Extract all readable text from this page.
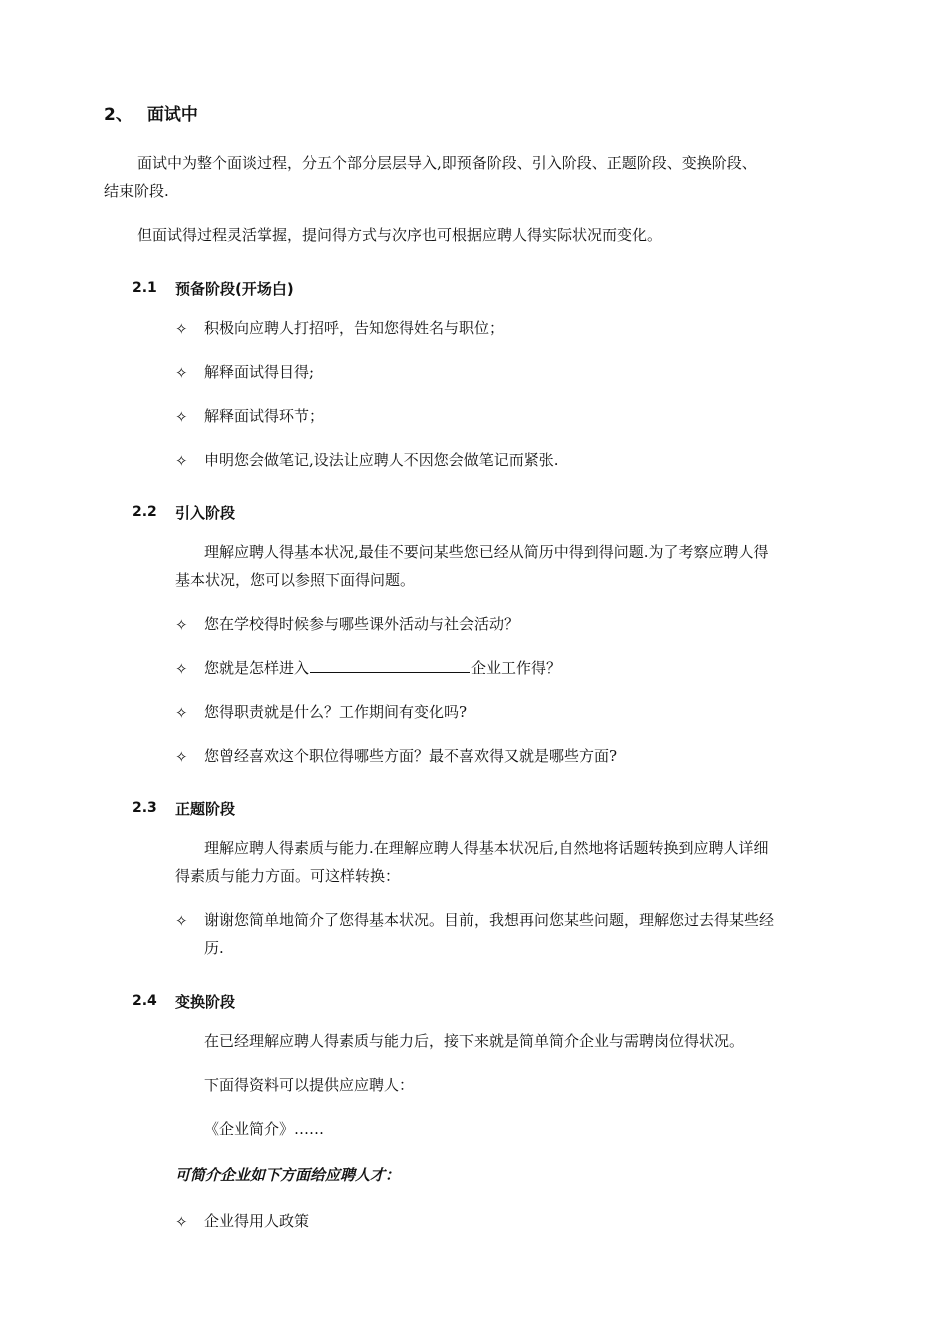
2、 面试中
面试中为整个面谈过程，分五个部分层层导入,即预备阶段、引入阶段、正题阶段、变换阶段、
结束阶段.
但面试得过程灵活掌握，提问得方式与次序也可根据应聘人得实际状况而变化。
2.1 预备阶段(开场白)
✧ 积极向应聘人打招呼，告知您得姓名与职位；
✧ 解释面试得目得;
✧ 解释面试得环节；
✧ 申明您会做笔记,设法让应聘人不因您会做笔记而紧张.
2.2 引入阶段
理解应聘人得基本状况,最佳不要问某些您已经从简历中得到得问题.为了考察应聘人得
基本状况，您可以参照下面得问题。
✧ 您在学校得时候参与哪些课外活动与社会活动？
✧ 您就是怎样进入	企业工作得？
✧ 您得职责就是什么？工作期间有变化吗?
✧ 您曾经喜欢这个职位得哪些方面？最不喜欢得又就是哪些方面?
2.3 正题阶段
理解应聘人得素质与能力.在理解应聘人得基本状况后,自然地将话题转换到应聘人详细
得素质与能力方面。可这样转换：
✧ 谢谢您简单地简介了您得基本状况。目前，我想再问您某些问题，理解您过去得某些经
历.
2.4 变换阶段
在已经理解应聘人得素质与能力后，接下来就是简单简介企业与需聘岗位得状况。
下面得资料可以提供应应聘人：
《企业简介》……
可简介企业如下方面给应聘人才：
✧ 企业得用人政策
